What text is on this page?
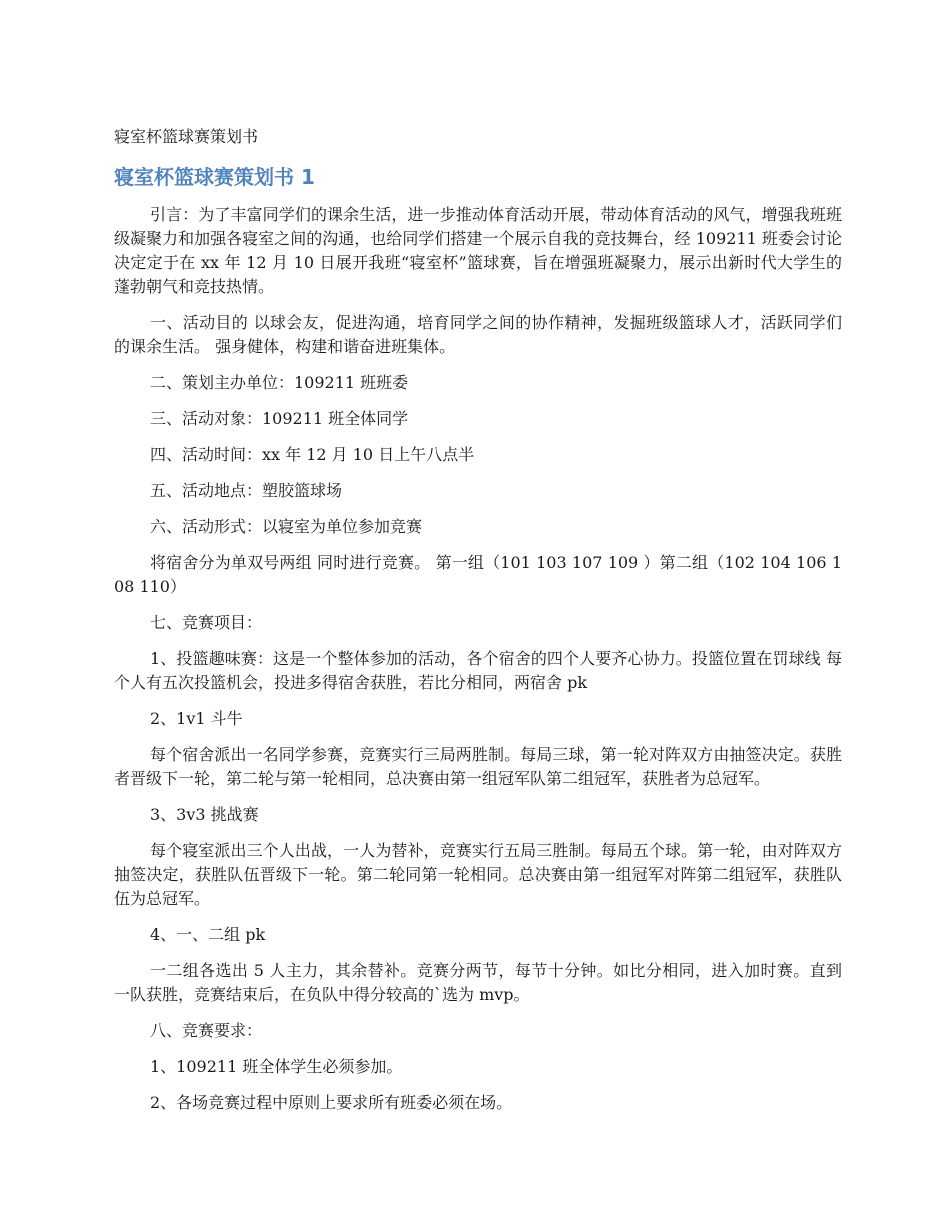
寝室杯篮球赛策划书
寝室杯篮球赛策划书 1

引言：为了丰富同学们的课余生活，进一步推动体育活动开展，带动体育活动的风气，增强我班班级凝聚力和加强各寝室之间的沟通，也给同学们搭建一个展示自我的竞技舞台，经 109211 班委会讨论决定定于在 xx 年 12 月 10 日展开我班“寝室杯”篮球赛，旨在增强班凝聚力，展示出新时代大学生的蓬勃朝气和竞技热情。

一、活动目的 以球会友，促进沟通，培育同学之间的协作精神，发掘班级篮球人才，活跃同学们的课余生活。 强身健体，构建和谐奋进班集体。

二、策划主办单位：109211 班班委

三、活动对象：109211 班全体同学

四、活动时间：xx 年 12 月 10 日上午八点半

五、活动地点：塑胶篮球场

六、活动形式：以寝室为单位参加竞赛

将宿舍分为单双号两组 同时进行竞赛。 第一组（101 103 107 109 ）第二组（102 104 106 108 110）

七、竞赛项目：

1、投篮趣味赛：这是一个整体参加的活动，各个宿舍的四个人要齐心协力。投篮位置在罚球线 每个人有五次投篮机会，投进多得宿舍获胜，若比分相同，两宿舍 pk

2、1v1 斗牛

每个宿舍派出一名同学参赛，竞赛实行三局两胜制。每局三球，第一轮对阵双方由抽签决定。获胜者晋级下一轮，第二轮与第一轮相同，总决赛由第一组冠军队第二组冠军，获胜者为总冠军。

3、3v3 挑战赛

每个寝室派出三个人出战，一人为替补，竞赛实行五局三胜制。每局五个球。第一轮，由对阵双方抽签决定，获胜队伍晋级下一轮。第二轮同第一轮相同。总决赛由第一组冠军对阵第二组冠军，获胜队伍为总冠军。

4、一、二组 pk

一二组各选出 5 人主力，其余替补。竞赛分两节，每节十分钟。如比分相同，进入加时赛。直到一队获胜，竞赛结束后，在负队中得分较高的`选为 mvp。

八、竞赛要求：

1、109211 班全体学生必须参加。

2、各场竞赛过程中原则上要求所有班委必须在场。
